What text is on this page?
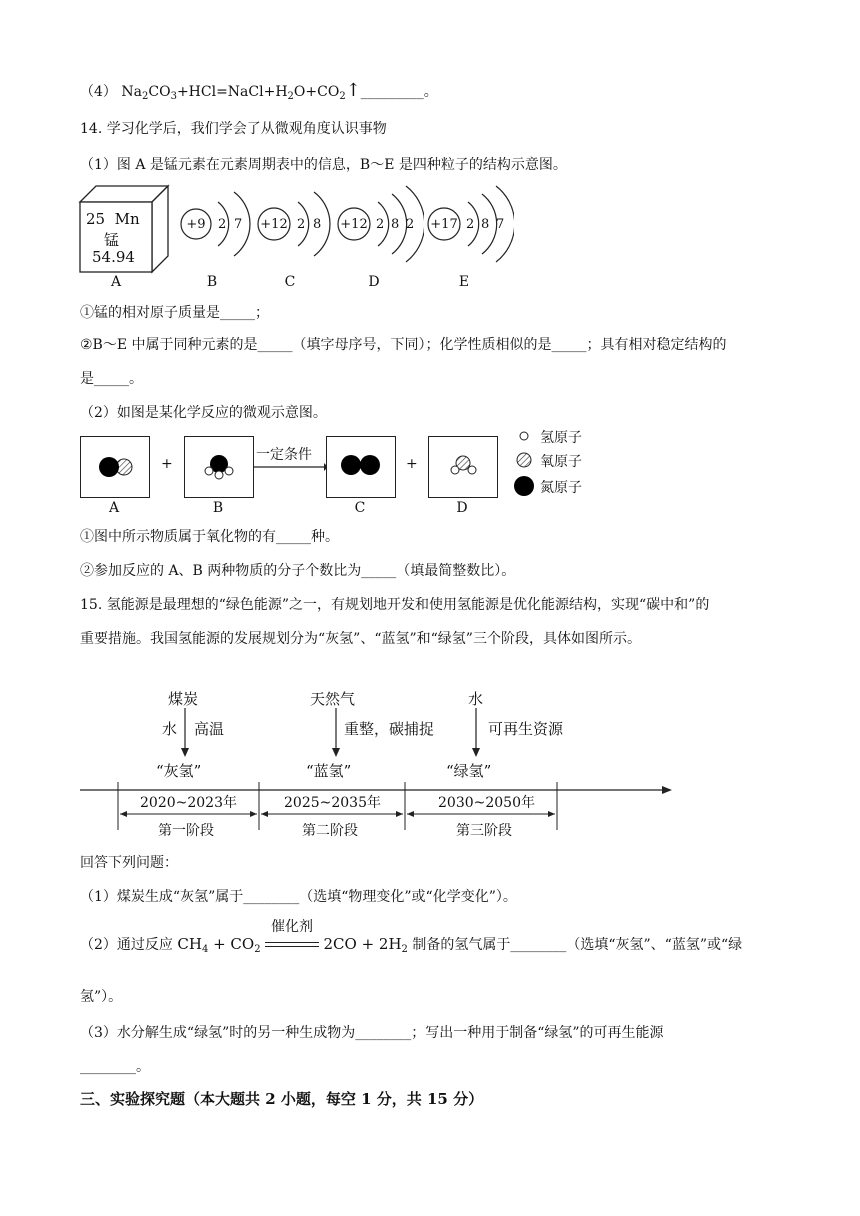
（4） $Na_2CO_3+HCl=NaCl+H_2O+CO_2↑\_\_\_\_\_\_\_\_\_$。
14. 学习化学后，我们学会了从微观角度认识事物
（1）图 A 是锰元素在元素周期表中的信息，B～E 是四种粒子的结构示意图。
25 Mn
锰
54.94
A
+9 2 7
B
+12 2 8
C
+12 2 8 2
D
+17 2 8 7
E
①锰的相对原子质量是_____；
②B～E 中属于同种元素的是_____（填字母序号，下同）；化学性质相似的是_____；具有相对稳定结构的
是_____。
（2）如图是某化学反应的微观示意图。
+
一定条件
+
A	B	C	D
氢原子
氧原子
氮原子
①图中所示物质属于氧化物的有_____种。
②参加反应的 A、B 两种物质的分子个数比为_____（填最简整数比）。
15. 氢能源是最理想的“绿色能源”之一，有规划地开发和使用氢能源是优化能源结构，实现“碳中和”的
重要措施。我国氢能源的发展规划分为“灰氢”、“蓝氢”和“绿氢”三个阶段，具体如图所示。
煤炭
水 高温
“灰氢”
2020~2023年
第一阶段
天然气
重整，碳捕捉
“蓝氢”
2025~2035年
第二阶段
水
可再生资源
“绿氢”
2030~2050年
第三阶段
回答下列问题：
（1）煤炭生成“灰氢”属于________（选填“物理变化”或“化学变化”）。
（2）通过反应 $CH_4 + CO_2$
催化剂
$2CO + 2H_2$ 制备的氢气属于________（选填“灰氢”、“蓝氢”或“绿
氢”）。
（3）水分解生成“绿氢”时的另一种生成物为________；写出一种用于制备“绿氢”的可再生能源
________。
三、实验探究题（本大题共 2 小题，每空 1 分，共 15 分）
